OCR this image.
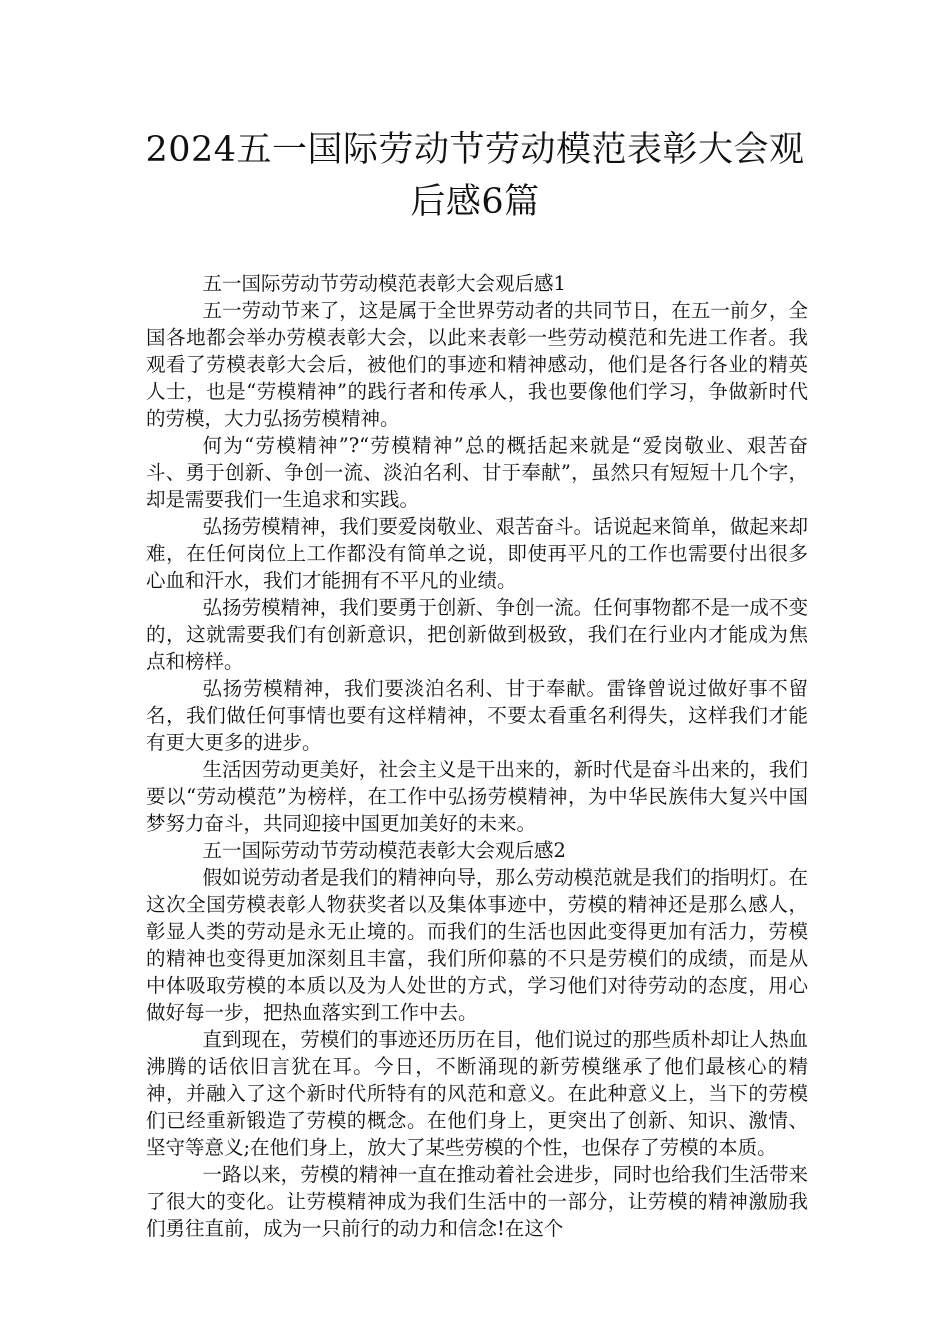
2024五一国际劳动节劳动模范表彰大会观
后感6篇

五一国际劳动节劳动模范表彰大会观后感1

五一劳动节来了，这是属于全世界劳动者的共同节日，在五一前夕，全国各地都会举办劳模表彰大会，以此来表彰一些劳动模范和先进工作者。我观看了劳模表彰大会后，被他们的事迹和精神感动，他们是各行各业的精英人士，也是“劳模精神”的践行者和传承人，我也要像他们学习，争做新时代的劳模，大力弘扬劳模精神。

何为“劳模精神”?“劳模精神”总的概括起来就是“爱岗敬业、艰苦奋斗、勇于创新、争创一流、淡泊名利、甘于奉献”，虽然只有短短十几个字，却是需要我们一生追求和实践。

弘扬劳模精神，我们要爱岗敬业、艰苦奋斗。话说起来简单，做起来却难，在任何岗位上工作都没有简单之说，即使再平凡的工作也需要付出很多心血和汗水，我们才能拥有不平凡的业绩。

弘扬劳模精神，我们要勇于创新、争创一流。任何事物都不是一成不变的，这就需要我们有创新意识，把创新做到极致，我们在行业内才能成为焦点和榜样。

弘扬劳模精神，我们要淡泊名利、甘于奉献。雷锋曾说过做好事不留名，我们做任何事情也要有这样精神，不要太看重名利得失，这样我们才能有更大更多的进步。

生活因劳动更美好，社会主义是干出来的，新时代是奋斗出来的，我们要以“劳动模范”为榜样，在工作中弘扬劳模精神，为中华民族伟大复兴中国梦努力奋斗，共同迎接中国更加美好的未来。

五一国际劳动节劳动模范表彰大会观后感2

假如说劳动者是我们的精神向导，那么劳动模范就是我们的指明灯。在这次全国劳模表彰人物获奖者以及集体事迹中，劳模的精神还是那么感人，彰显人类的劳动是永无止境的。而我们的生活也因此变得更加有活力，劳模的精神也变得更加深刻且丰富，我们所仰慕的不只是劳模们的成绩，而是从中体吸取劳模的本质以及为人处世的方式，学习他们对待劳动的态度，用心做好每一步，把热血落实到工作中去。

直到现在，劳模们的事迹还历历在目，他们说过的那些质朴却让人热血沸腾的话依旧言犹在耳。今日，不断涌现的新劳模继承了他们最核心的精神，并融入了这个新时代所特有的风范和意义。在此种意义上，当下的劳模们已经重新锻造了劳模的概念。在他们身上，更突出了创新、知识、激情、坚守等意义;在他们身上，放大了某些劳模的个性，也保存了劳模的本质。

一路以来，劳模的精神一直在推动着社会进步，同时也给我们生活带来了很大的变化。让劳模精神成为我们生活中的一部分，让劳模的精神激励我们勇往直前，成为一只前行的动力和信念!在这个
